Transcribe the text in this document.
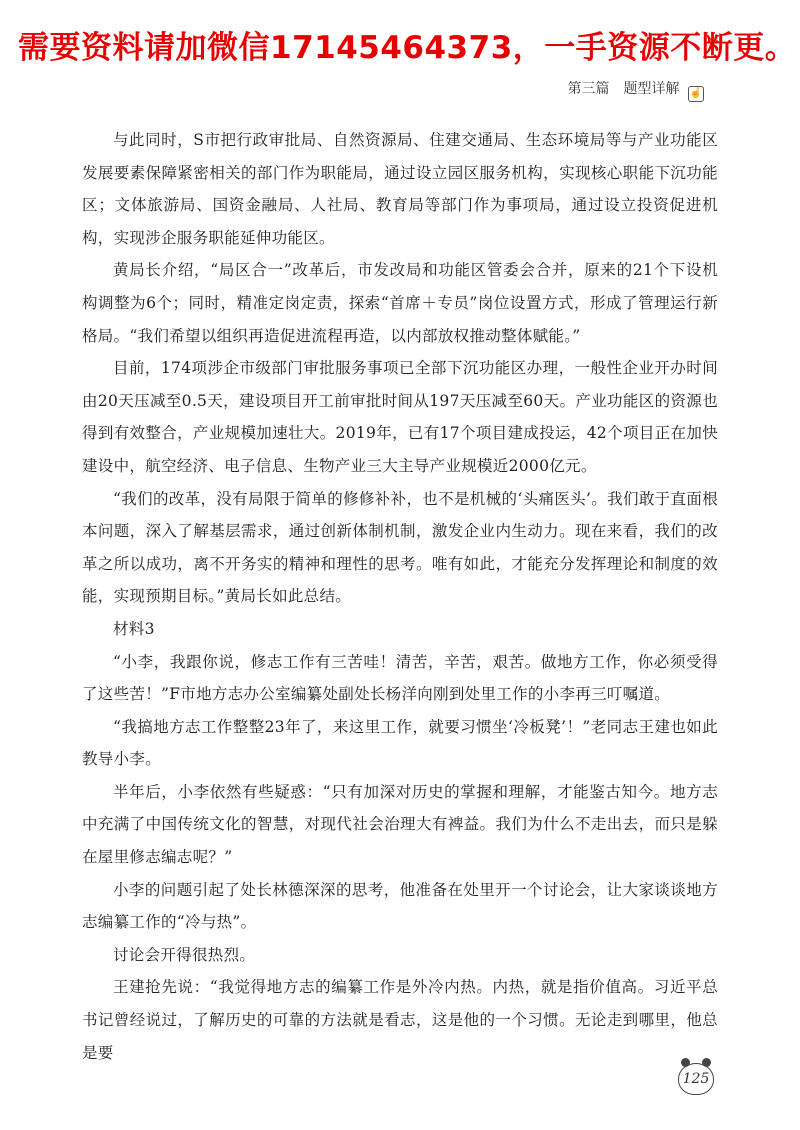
需要资料请加微信17145464373，一手资源不断更。
第三篇　题型详解 ☝

与此同时，S市把行政审批局、自然资源局、住建交通局、生态环境局等与产业功能区发展要素保障紧密相关的部门作为职能局，通过设立园区服务机构，实现核心职能下沉功能区；文体旅游局、国资金融局、人社局、教育局等部门作为事项局，通过设立投资促进机构，实现涉企服务职能延伸功能区。

黄局长介绍，“局区合一”改革后，市发改局和功能区管委会合并，原来的21个下设机构调整为6个；同时，精准定岗定责，探索“首席＋专员”岗位设置方式，形成了管理运行新格局。“我们希望以组织再造促进流程再造，以内部放权推动整体赋能。”

目前，174项涉企市级部门审批服务事项已全部下沉功能区办理，一般性企业开办时间由20天压减至0.5天，建设项目开工前审批时间从197天压减至60天。产业功能区的资源也得到有效整合，产业规模加速壮大。2019年，已有17个项目建成投运，42个项目正在加快建设中，航空经济、电子信息、生物产业三大主导产业规模近2000亿元。

“我们的改革，没有局限于简单的修修补补，也不是机械的‘头痛医头’。我们敢于直面根本问题，深入了解基层需求，通过创新体制机制，激发企业内生动力。现在来看，我们的改革之所以成功，离不开务实的精神和理性的思考。唯有如此，才能充分发挥理论和制度的效能，实现预期目标。”黄局长如此总结。

材料3

“小李，我跟你说，修志工作有三苦哇！清苦，辛苦，艰苦。做地方工作，你必须受得了这些苦！”F市地方志办公室编纂处副处长杨洋向刚到处里工作的小李再三叮嘱道。

“我搞地方志工作整整23年了，来这里工作，就要习惯坐‘冷板凳’！”老同志王建也如此教导小李。

半年后，小李依然有些疑惑：“只有加深对历史的掌握和理解，才能鉴古知今。地方志中充满了中国传统文化的智慧，对现代社会治理大有裨益。我们为什么不走出去，而只是躲在屋里修志编志呢？”

小李的问题引起了处长林德深深的思考，他准备在处里开一个讨论会，让大家谈谈地方志编纂工作的“冷与热”。

讨论会开得很热烈。

王建抢先说：“我觉得地方志的编纂工作是外冷内热。内热，就是指价值高。习近平总书记曾经说过，了解历史的可靠的方法就是看志，这是他的一个习惯。无论走到哪里，他总是要

125
